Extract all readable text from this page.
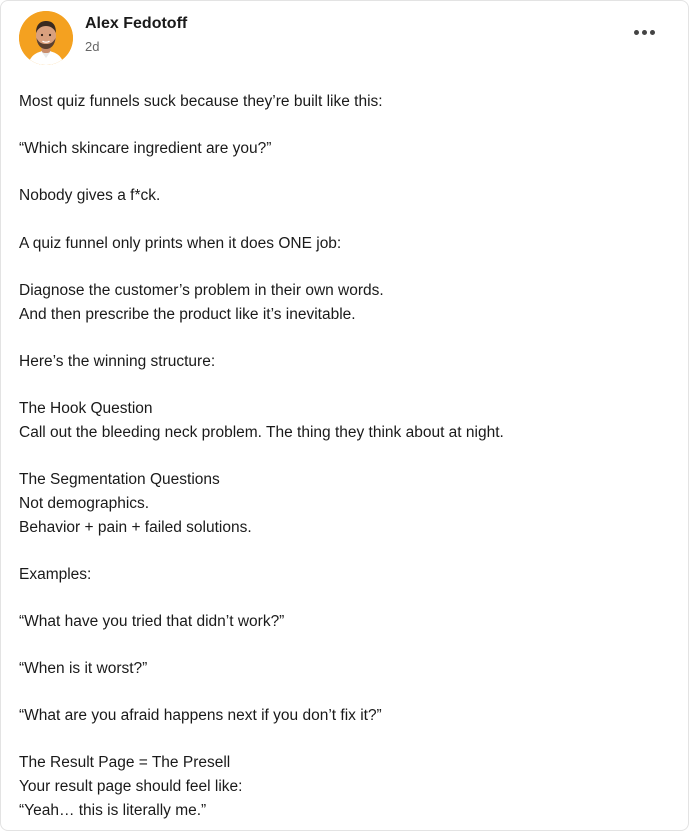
Alex Fedotoff
2d
Most quiz funnels suck because they’re built like this:
“Which skincare ingredient are you?”
Nobody gives a f*ck.
A quiz funnel only prints when it does ONE job:
Diagnose the customer’s problem in their own words.
And then prescribe the product like it’s inevitable.
Here’s the winning structure:
The Hook Question
Call out the bleeding neck problem. The thing they think about at night.
The Segmentation Questions
Not demographics.
Behavior + pain + failed solutions.
Examples:
“What have you tried that didn’t work?”
“When is it worst?”
“What are you afraid happens next if you don’t fix it?”
The Result Page = The Presell
Your result page should feel like:
“Yeah… this is literally me.”
